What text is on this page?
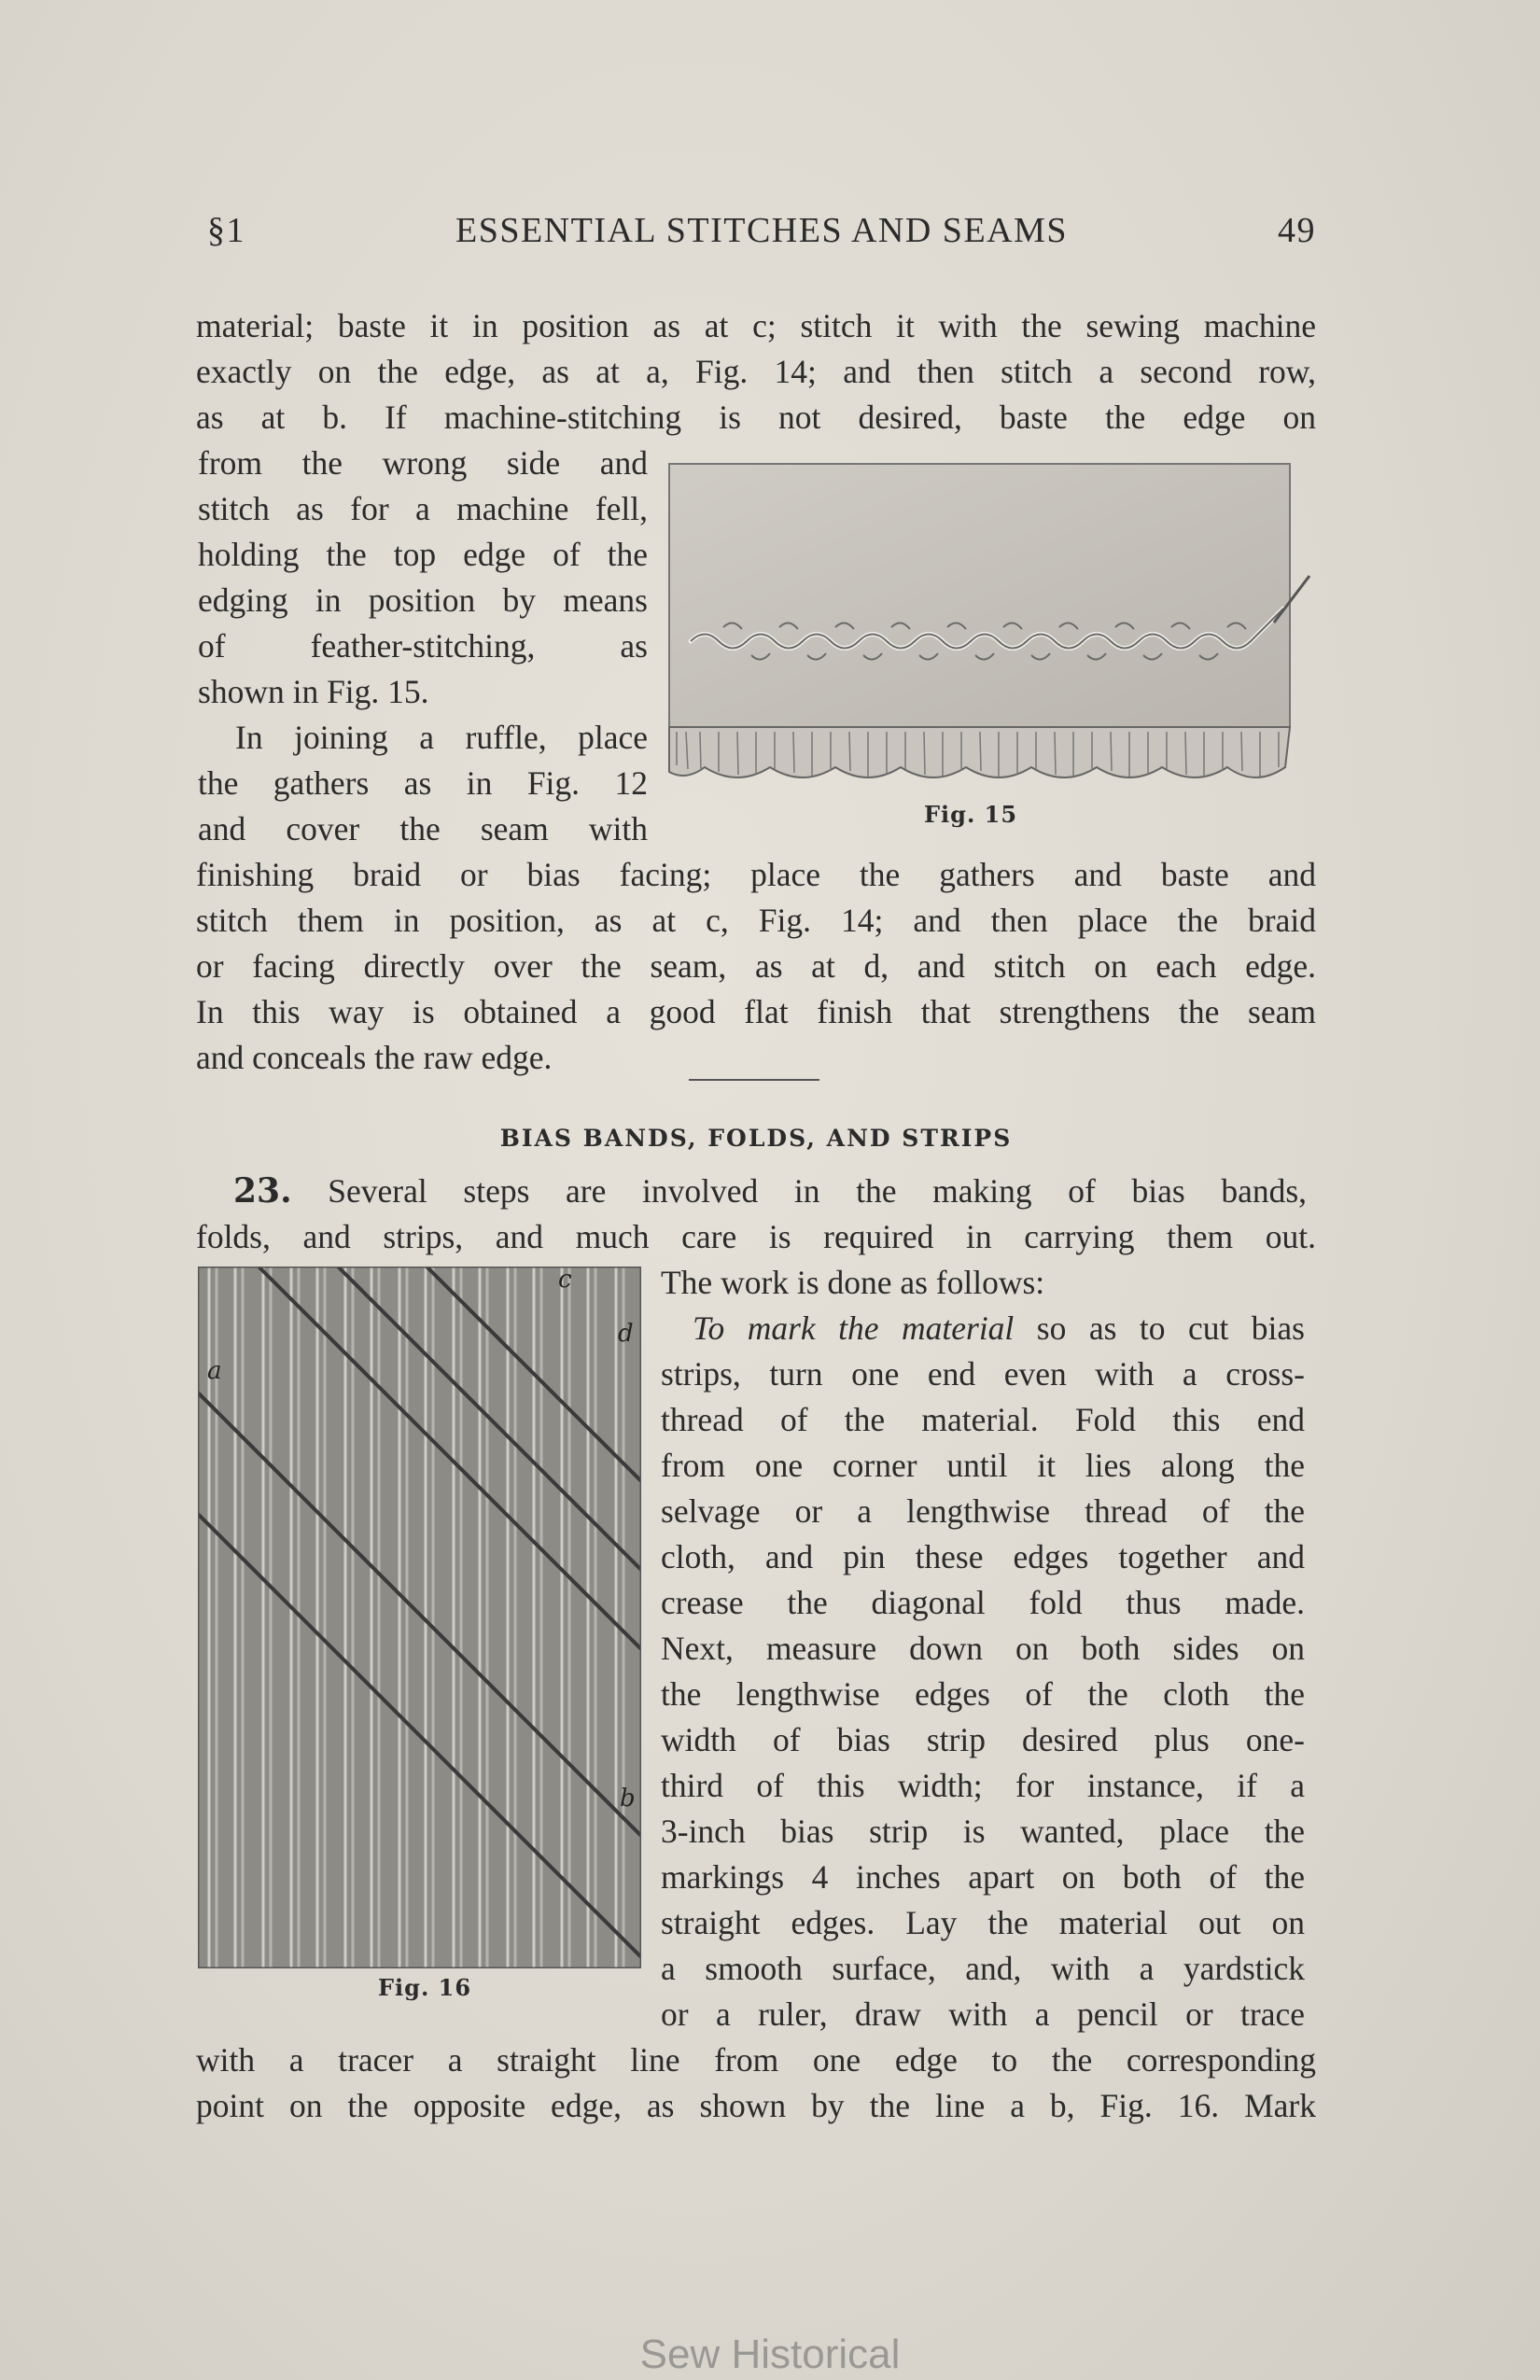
§1	ESSENTIAL STITCHES AND SEAMS	49

material; baste it in position as at c; stitch it with the sewing machine

exactly on the edge, as at a, Fig. 14; and then stitch a second row,

as at b. If machine-stitching is not desired, baste the edge on

from the wrong side and

stitch as for a machine fell,

holding the top edge of the

edging in position by means

of feather-stitching, as

shown in Fig. 15.

In joining a ruffle, place

the gathers as in Fig. 12

and cover the seam with	Fig. 15

finishing braid or bias facing; place the gathers and baste and

stitch them in position, as at c, Fig. 14; and then place the braid

or facing directly over the seam, as at d, and stitch on each edge.

In this way is obtained a good flat finish that strengthens the seam

and conceals the raw edge.

BIAS BANDS, FOLDS, AND STRIPS

23. Several steps are involved in the making of bias bands,

folds, and strips, and much care is required in carrying them out.

The work is done as follows:

a
b
c
d
Fig. 16

To mark the material so as to cut bias

strips, turn one end even with a cross-

thread of the material. Fold this end

from one corner until it lies along the

selvage or a lengthwise thread of the

cloth, and pin these edges together and

crease the diagonal fold thus made.

Next, measure down on both sides on

the lengthwise edges of the cloth the

width of bias strip desired plus one-

third of this width; for instance, if a

3-inch bias strip is wanted, place the

markings 4 inches apart on both of the

straight edges. Lay the material out on

a smooth surface, and, with a yardstick

or a ruler, draw with a pencil or trace

with a tracer a straight line from one edge to the corresponding

point on the opposite edge, as shown by the line a b, Fig. 16. Mark

Sew Historical
